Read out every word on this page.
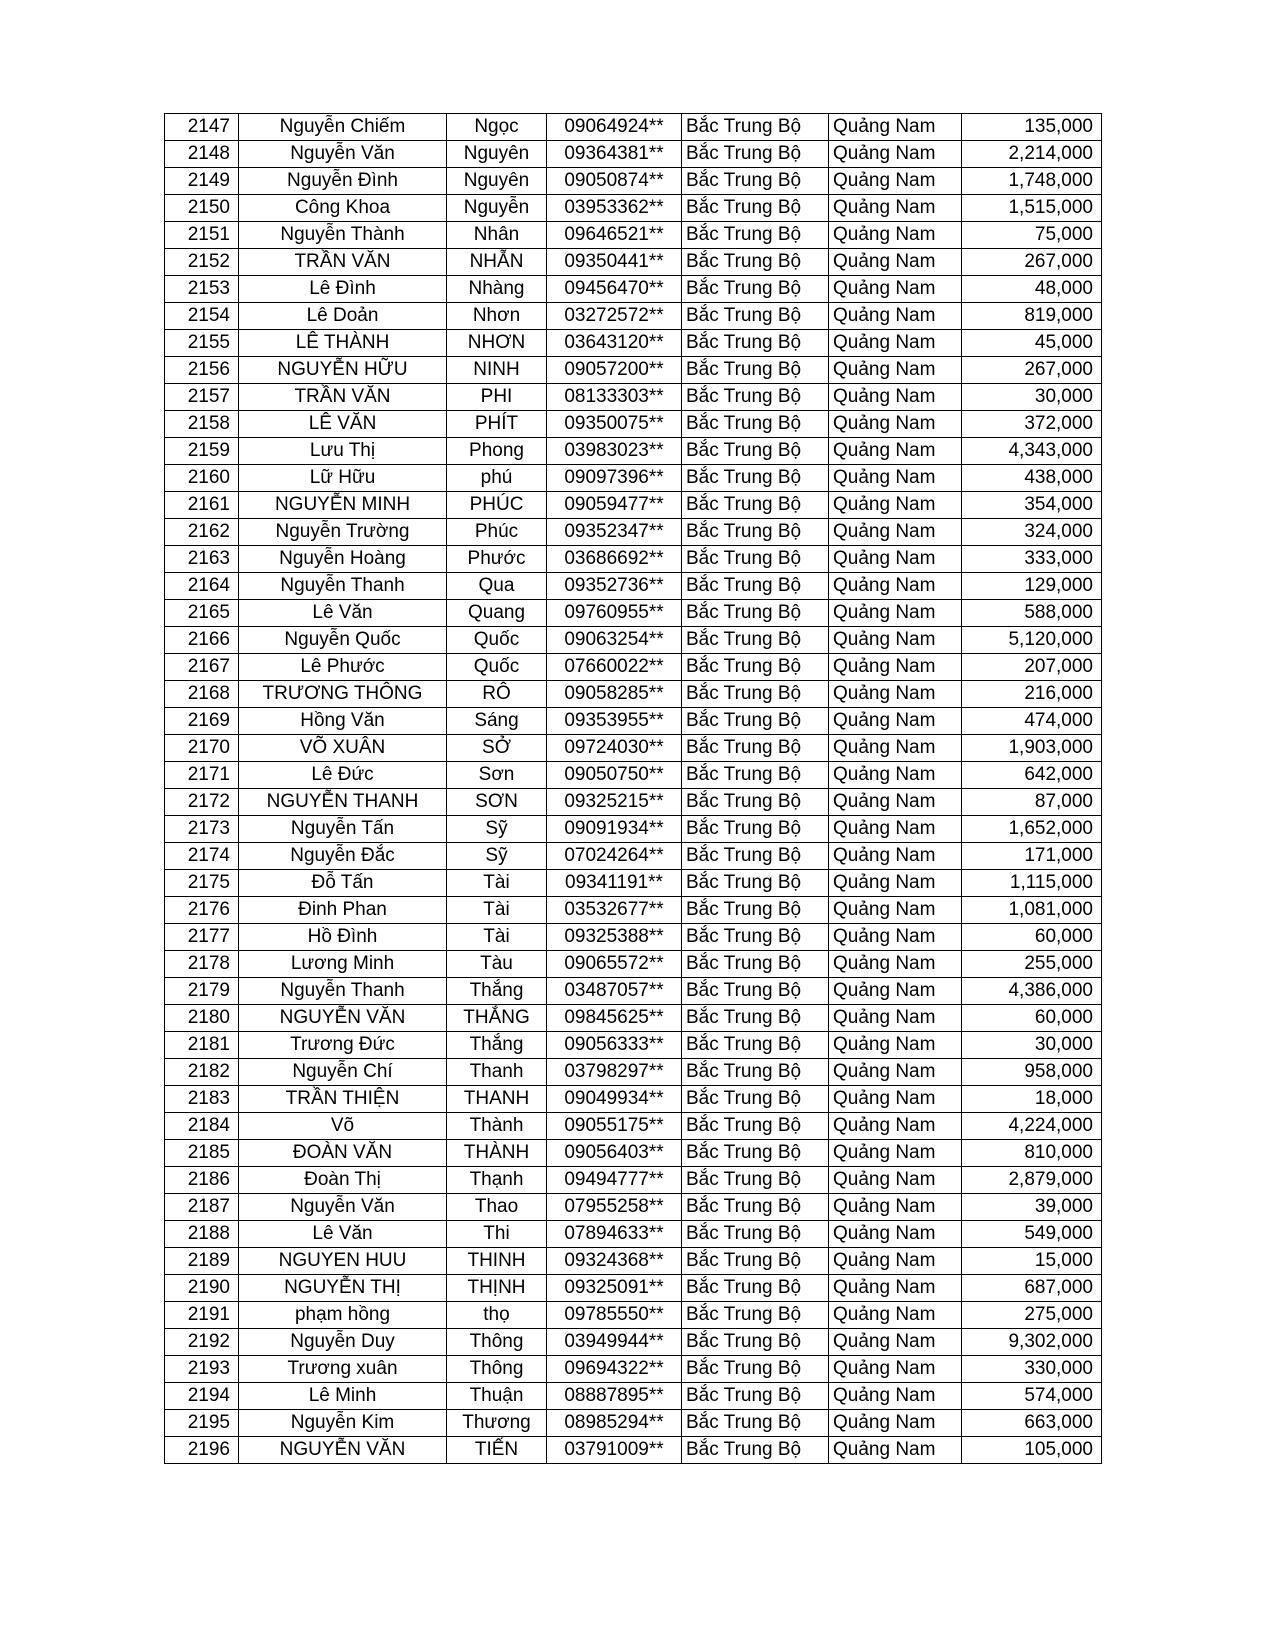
2147	Nguyễn Chiếm	Ngọc	09064924**	Bắc Trung Bộ	Quảng Nam	135,000
2148	Nguyễn Văn	Nguyên	09364381**	Bắc Trung Bộ	Quảng Nam	2,214,000
2149	Nguyễn Đình	Nguyên	09050874**	Bắc Trung Bộ	Quảng Nam	1,748,000
2150	Công Khoa	Nguyễn	03953362**	Bắc Trung Bộ	Quảng Nam	1,515,000
2151	Nguyễn Thành	Nhân	09646521**	Bắc Trung Bộ	Quảng Nam	75,000
2152	TRẦN VĂN	NHẪN	09350441**	Bắc Trung Bộ	Quảng Nam	267,000
2153	Lê Đình	Nhàng	09456470**	Bắc Trung Bộ	Quảng Nam	48,000
2154	Lê Doản	Nhơn	03272572**	Bắc Trung Bộ	Quảng Nam	819,000
2155	LÊ THÀNH	NHƠN	03643120**	Bắc Trung Bộ	Quảng Nam	45,000
2156	NGUYỄN HỮU	NINH	09057200**	Bắc Trung Bộ	Quảng Nam	267,000
2157	TRẦN VĂN	PHI	08133303**	Bắc Trung Bộ	Quảng Nam	30,000
2158	LÊ VĂN	PHÍT	09350075**	Bắc Trung Bộ	Quảng Nam	372,000
2159	Lưu Thị	Phong	03983023**	Bắc Trung Bộ	Quảng Nam	4,343,000
2160	Lữ Hữu	phú	09097396**	Bắc Trung Bộ	Quảng Nam	438,000
2161	NGUYỄN MINH	PHÚC	09059477**	Bắc Trung Bộ	Quảng Nam	354,000
2162	Nguyễn Trường	Phúc	09352347**	Bắc Trung Bộ	Quảng Nam	324,000
2163	Nguyễn Hoàng	Phước	03686692**	Bắc Trung Bộ	Quảng Nam	333,000
2164	Nguyễn Thanh	Qua	09352736**	Bắc Trung Bộ	Quảng Nam	129,000
2165	Lê Văn	Quang	09760955**	Bắc Trung Bộ	Quảng Nam	588,000
2166	Nguyễn Quốc	Quốc	09063254**	Bắc Trung Bộ	Quảng Nam	5,120,000
2167	Lê Phước	Quốc	07660022**	Bắc Trung Bộ	Quảng Nam	207,000
2168	TRƯƠNG THÔNG	RÔ	09058285**	Bắc Trung Bộ	Quảng Nam	216,000
2169	Hồng Văn	Sáng	09353955**	Bắc Trung Bộ	Quảng Nam	474,000
2170	VÕ XUÂN	SỞ	09724030**	Bắc Trung Bộ	Quảng Nam	1,903,000
2171	Lê Đức	Sơn	09050750**	Bắc Trung Bộ	Quảng Nam	642,000
2172	NGUYỄN THANH	SƠN	09325215**	Bắc Trung Bộ	Quảng Nam	87,000
2173	Nguyễn Tấn	Sỹ	09091934**	Bắc Trung Bộ	Quảng Nam	1,652,000
2174	Nguyễn Đắc	Sỹ	07024264**	Bắc Trung Bộ	Quảng Nam	171,000
2175	Đỗ Tấn	Tài	09341191**	Bắc Trung Bộ	Quảng Nam	1,115,000
2176	Đinh Phan	Tài	03532677**	Bắc Trung Bộ	Quảng Nam	1,081,000
2177	Hồ Đình	Tài	09325388**	Bắc Trung Bộ	Quảng Nam	60,000
2178	Lương Minh	Tàu	09065572**	Bắc Trung Bộ	Quảng Nam	255,000
2179	Nguyễn Thanh	Thắng	03487057**	Bắc Trung Bộ	Quảng Nam	4,386,000
2180	NGUYỄN VĂN	THẮNG	09845625**	Bắc Trung Bộ	Quảng Nam	60,000
2181	Trương Đức	Thắng	09056333**	Bắc Trung Bộ	Quảng Nam	30,000
2182	Nguyễn Chí	Thanh	03798297**	Bắc Trung Bộ	Quảng Nam	958,000
2183	TRẦN THIỆN	THANH	09049934**	Bắc Trung Bộ	Quảng Nam	18,000
2184	Võ	Thành	09055175**	Bắc Trung Bộ	Quảng Nam	4,224,000
2185	ĐOÀN VĂN	THÀNH	09056403**	Bắc Trung Bộ	Quảng Nam	810,000
2186	Đoàn Thị	Thạnh	09494777**	Bắc Trung Bộ	Quảng Nam	2,879,000
2187	Nguyễn Văn	Thao	07955258**	Bắc Trung Bộ	Quảng Nam	39,000
2188	Lê Văn	Thi	07894633**	Bắc Trung Bộ	Quảng Nam	549,000
2189	NGUYEN HUU	THINH	09324368**	Bắc Trung Bộ	Quảng Nam	15,000
2190	NGUYỄN THỊ	THỊNH	09325091**	Bắc Trung Bộ	Quảng Nam	687,000
2191	phạm hồng	thọ	09785550**	Bắc Trung Bộ	Quảng Nam	275,000
2192	Nguyễn Duy	Thông	03949944**	Bắc Trung Bộ	Quảng Nam	9,302,000
2193	Trương xuân	Thông	09694322**	Bắc Trung Bộ	Quảng Nam	330,000
2194	Lê Minh	Thuận	08887895**	Bắc Trung Bộ	Quảng Nam	574,000
2195	Nguyễn Kim	Thương	08985294**	Bắc Trung Bộ	Quảng Nam	663,000
2196	NGUYỄN VĂN	TIẾN	03791009**	Bắc Trung Bộ	Quảng Nam	105,000
